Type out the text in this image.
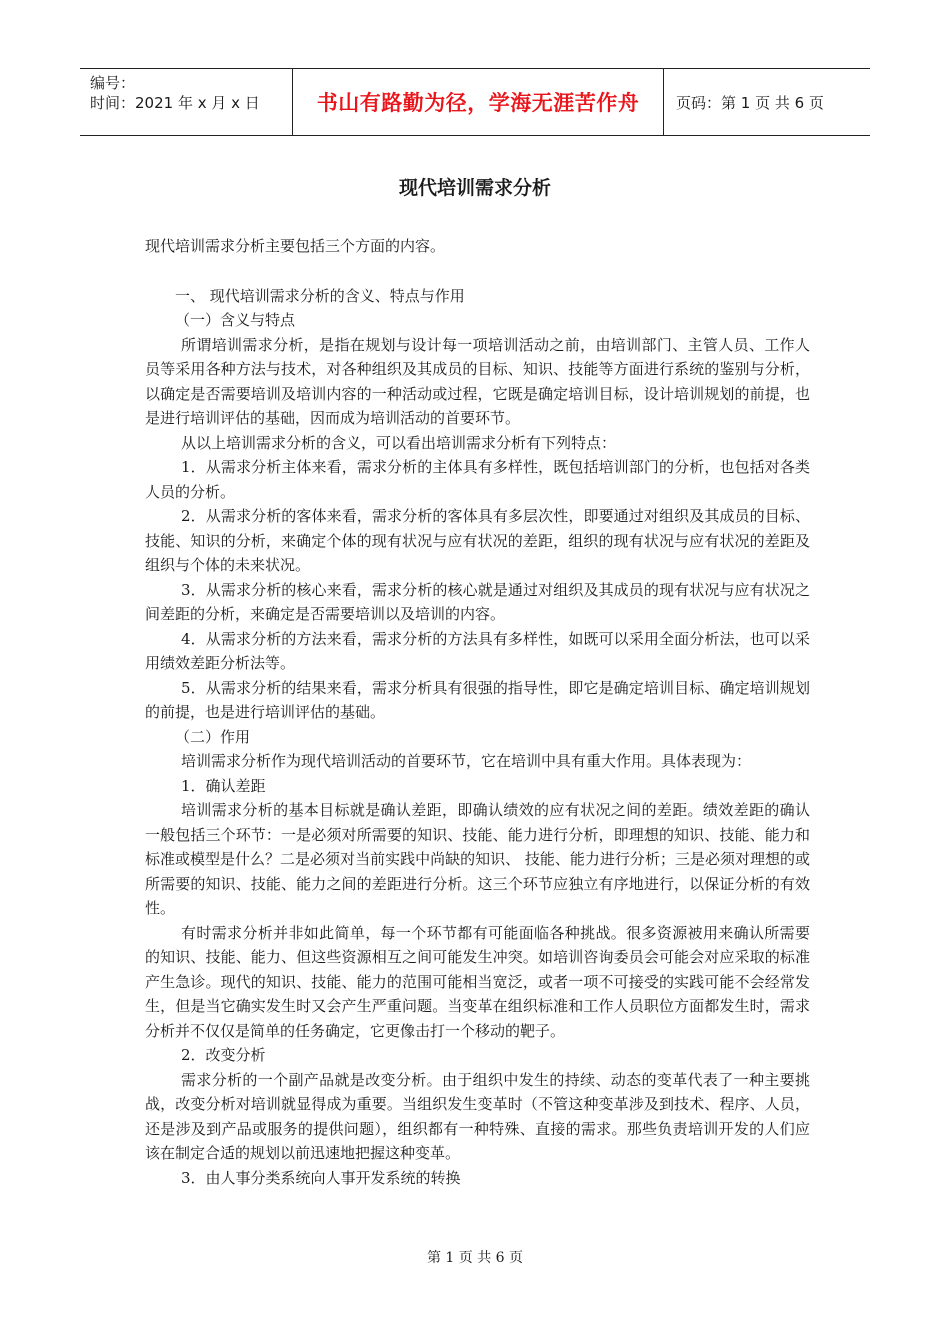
编号：
时间：2021 年 x 月 x 日	书山有路勤为径，学海无涯苦作舟	页码：第 1 页 共 6 页
现代培训需求分析

现代培训需求分析主要包括三个方面的内容。

一、 现代培训需求分析的含义、特点与作用

（一）含义与特点

所谓培训需求分析，是指在规划与设计每一项培训活动之前，由培训部门、主管人员、工作人员等采用各种方法与技术，对各种组织及其成员的目标、知识、技能等方面进行系统的鉴别与分析，以确定是否需要培训及培训内容的一种活动或过程，它既是确定培训目标，设计培训规划的前提，也是进行培训评估的基础，因而成为培训活动的首要环节。

从以上培训需求分析的含义，可以看出培训需求分析有下列特点：

1．从需求分析主体来看，需求分析的主体具有多样性，既包括培训部门的分析，也包括对各类人员的分析。

2．从需求分析的客体来看，需求分析的客体具有多层次性，即要通过对组织及其成员的目标、技能、知识的分析，来确定个体的现有状况与应有状况的差距，组织的现有状况与应有状况的差距及组织与个体的未来状况。

3．从需求分析的核心来看，需求分析的核心就是通过对组织及其成员的现有状况与应有状况之间差距的分析，来确定是否需要培训以及培训的内容。

4．从需求分析的方法来看，需求分析的方法具有多样性，如既可以采用全面分析法，也可以采用绩效差距分析法等。

5．从需求分析的结果来看，需求分析具有很强的指导性，即它是确定培训目标、确定培训规划的前提，也是进行培训评估的基础。

（二）作用

培训需求分析作为现代培训活动的首要环节，它在培训中具有重大作用。具体表现为：

1．确认差距

培训需求分析的基本目标就是确认差距，即确认绩效的应有状况之间的差距。绩效差距的确认一般包括三个环节：一是必须对所需要的知识、技能、能力进行分析，即理想的知识、技能、能力和标准或模型是什么？二是必须对当前实践中尚缺的知识、 技能、能力进行分析；三是必须对理想的或所需要的知识、技能、能力之间的差距进行分析。这三个环节应独立有序地进行，以保证分析的有效性。

有时需求分析并非如此简单，每一个环节都有可能面临各种挑战。很多资源被用来确认所需要的知识、技能、能力、但这些资源相互之间可能发生冲突。如培训咨询委员会可能会对应采取的标准产生急诊。现代的知识、技能、能力的范围可能相当宽泛，或者一项不可接受的实践可能不会经常发生，但是当它确实发生时又会产生严重问题。当变革在组织标准和工作人员职位方面都发生时，需求分析并不仅仅是简单的任务确定，它更像击打一个移动的靶子。

2．改变分析

需求分析的一个副产品就是改变分析。由于组织中发生的持续、动态的变革代表了一种主要挑战，改变分析对培训就显得成为重要。当组织发生变革时（不管这种变革涉及到技术、程序、人员，还是涉及到产品或服务的提供问题），组织都有一种特殊、直接的需求。那些负责培训开发的人们应该在制定合适的规划以前迅速地把握这种变革。

3．由人事分类系统向人事开发系统的转换

第 1 页 共 6 页
